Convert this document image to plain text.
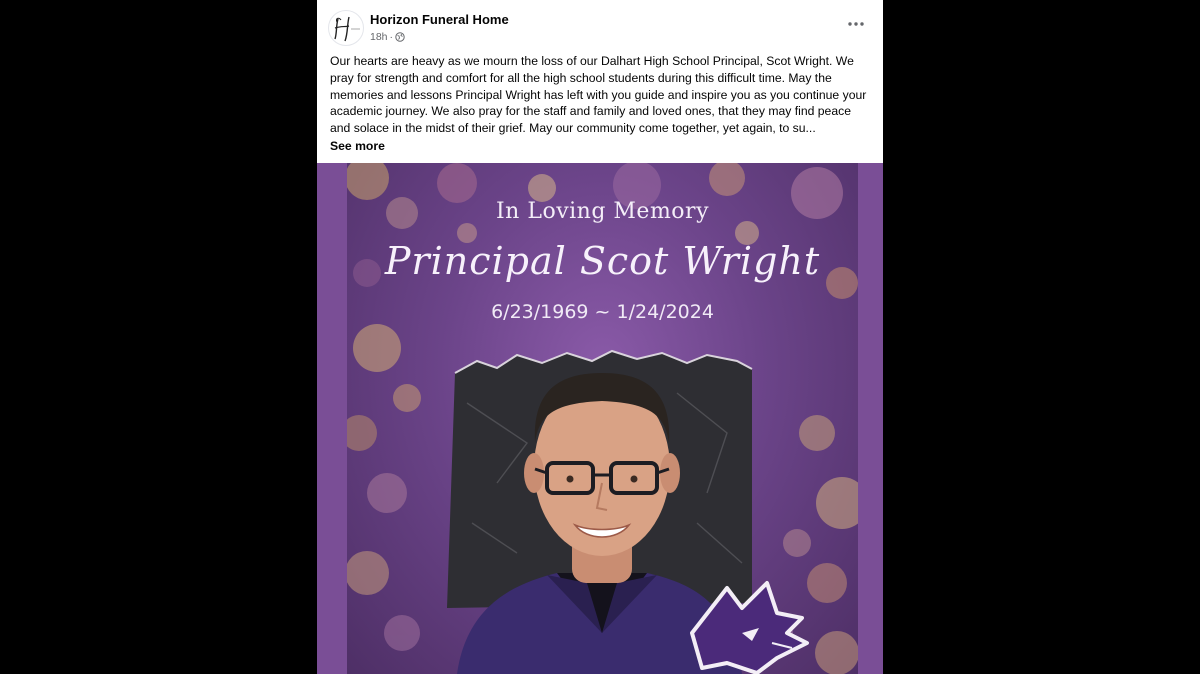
Horizon Funeral Home
18h ·

Our hearts are heavy as we mourn the loss of our Dalhart High School Principal, Scot Wright. We pray for strength and comfort for all the high school students during this difficult time. May the memories and lessons Principal Wright has left with you guide and inspire you as you continue your academic journey. We also pray for the staff and family and loved ones, that they may find peace and solace in the midst of their grief. May our community come together, yet again, to su...

See more
In Loving Memory
Principal Scot Wright
6/23/1969 ~ 1/24/2024
